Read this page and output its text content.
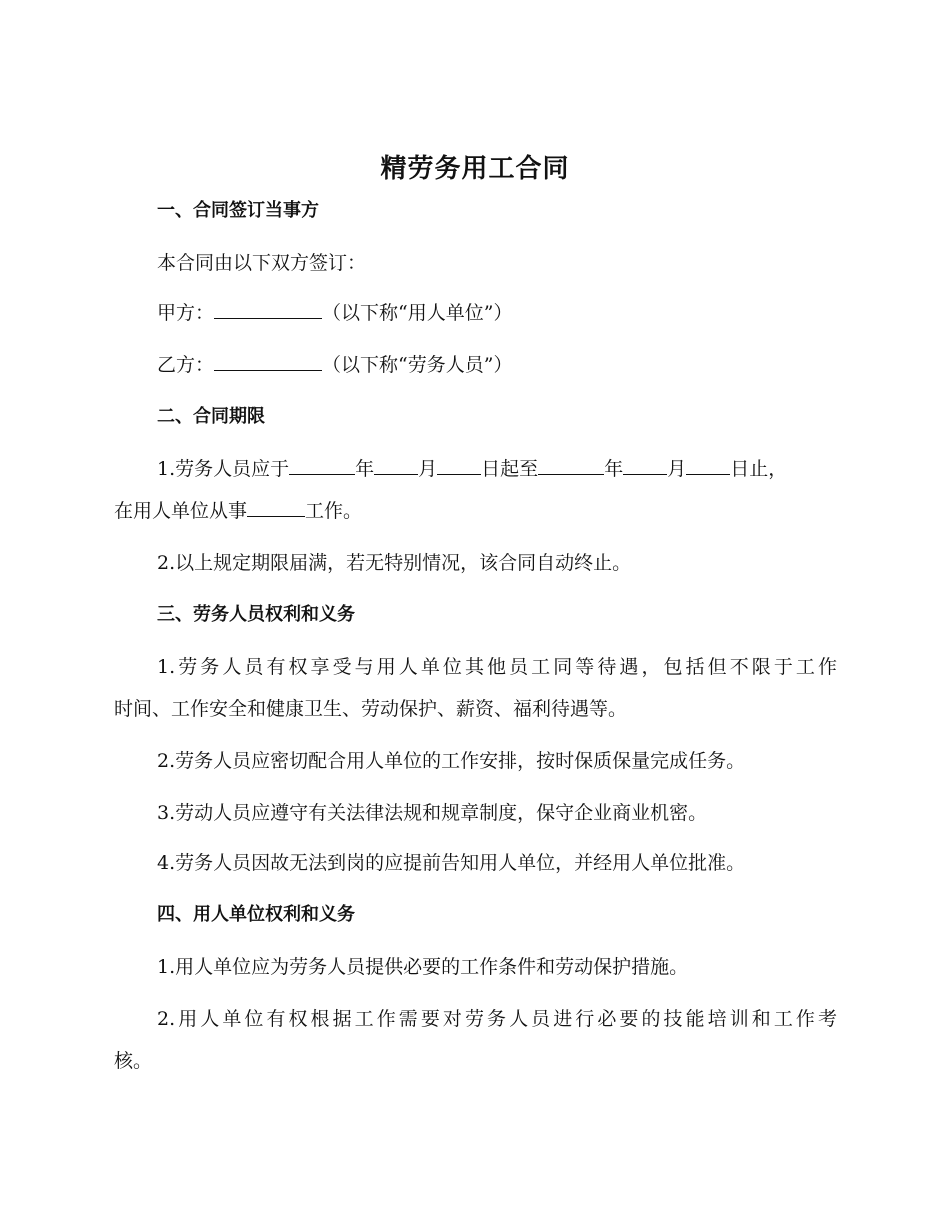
精劳务用工合同
一、合同签订当事方
本合同由以下双方签订：
甲方：	（以下称“用人单位”）
乙方：	（以下称“劳务人员”）
二、合同期限
1.劳务人员应于	年 月 日起至	年 月 日止，
在用人单位从事	工作。
2.以上规定期限届满，若无特别情况，该合同自动终止。
三、劳务人员权利和义务
1.劳务人员有权享受与用人单位其他员工同等待遇，包括但不限于工作
时间、工作安全和健康卫生、劳动保护、薪资、福利待遇等。
2.劳务人员应密切配合用人单位的工作安排，按时保质保量完成任务。
3.劳动人员应遵守有关法律法规和规章制度，保守企业商业机密。
4.劳务人员因故无法到岗的应提前告知用人单位，并经用人单位批准。
四、用人单位权利和义务
1.用人单位应为劳务人员提供必要的工作条件和劳动保护措施。
2.用人单位有权根据工作需要对劳务人员进行必要的技能培训和工作考
核。
